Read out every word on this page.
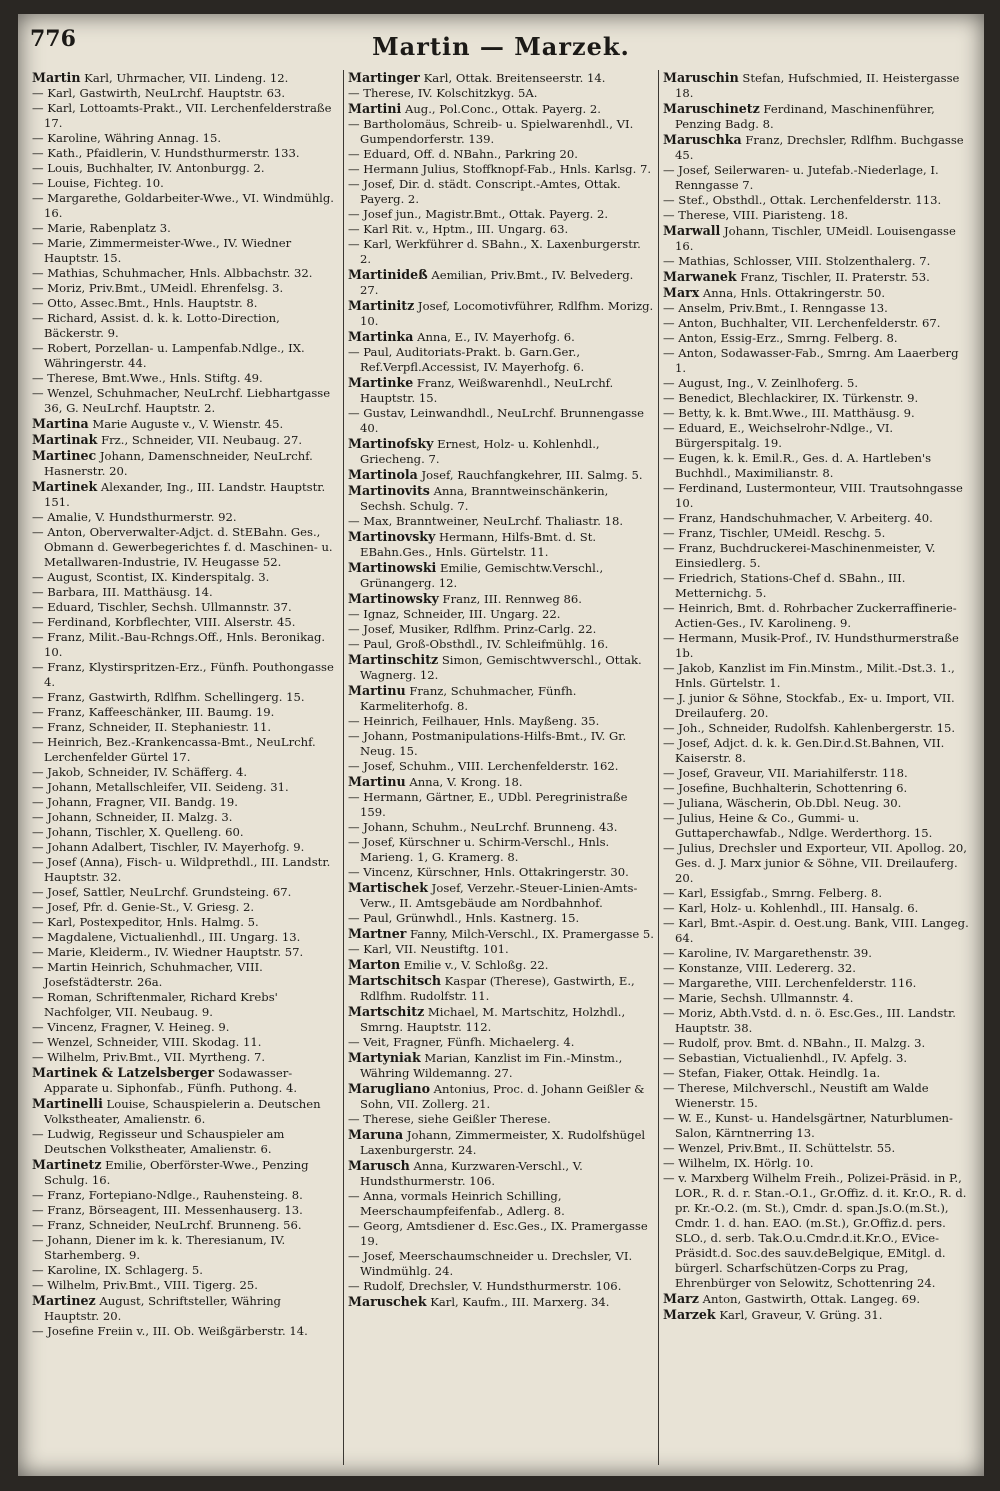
776	Martin — Marzek.

Martin Karl, Uhrmacher, VII. Lindeng. 12.

— Karl, Gastwirth, NeuLrchf. Hauptstr. 63.

— Karl, Lottoamts-Prakt., VII. Lerchenfelderstraße 17.

— Karoline, Währing Annag. 15.

— Kath., Pfaidlerin, V. Hundsthurmerstr. 133.

— Louis, Buchhalter, IV. Antonburgg. 2.

— Louise, Fichteg. 10.

— Margarethe, Goldarbeiter-Wwe., VI. Windmühlg. 16.

— Marie, Rabenplatz 3.

— Marie, Zimmermeister-Wwe., IV. Wiedner Hauptstr. 15.

— Mathias, Schuhmacher, Hnls. Albbachstr. 32.

— Moriz, Priv.Bmt., UMeidl. Ehrenfelsg. 3.

— Otto, Assec.Bmt., Hnls. Hauptstr. 8.

— Richard, Assist. d. k. k. Lotto-Direction, Bäckerstr. 9.

— Robert, Porzellan- u. Lampenfab.Ndlge., IX. Währingerstr. 44.

— Therese, Bmt.Wwe., Hnls. Stiftg. 49.

— Wenzel, Schuhmacher, NeuLrchf. Liebhartgasse 36, G. NeuLrchf. Hauptstr. 2.

Martina Marie Auguste v., V. Wienstr. 45.

Martinak Frz., Schneider, VII. Neubaug. 27.

Martinec Johann, Damenschneider, NeuLrchf. Hasnerstr. 20.

Martinek Alexander, Ing., III. Landstr. Hauptstr. 151.

— Amalie, V. Hundsthurmerstr. 92.

— Anton, Oberverwalter-Adjct. d. StEBahn. Ges., Obmann d. Gewerbegerichtes f. d. Maschinen- u. Metallwaren-Industrie, IV. Heugasse 52.

— August, Scontist, IX. Kinderspitalg. 3.

— Barbara, III. Matthäusg. 14.

— Eduard, Tischler, Sechsh. Ullmannstr. 37.

— Ferdinand, Korbflechter, VIII. Alserstr. 45.

— Franz, Milit.-Bau-Rchngs.Off., Hnls. Beronikag. 10.

— Franz, Klystirspritzen-Erz., Fünfh. Pouthongasse 4.

— Franz, Gastwirth, Rdlfhm. Schellingerg. 15.

— Franz, Kaffeeschänker, III. Baumg. 19.

— Franz, Schneider, II. Stephaniestr. 11.

— Heinrich, Bez.-Krankencassa-Bmt., NeuLrchf. Lerchenfelder Gürtel 17.

— Jakob, Schneider, IV. Schäfferg. 4.

— Johann, Metallschleifer, VII. Seideng. 31.

— Johann, Fragner, VII. Bandg. 19.

— Johann, Schneider, II. Malzg. 3.

— Johann, Tischler, X. Quelleng. 60.

— Johann Adalbert, Tischler, IV. Mayerhofg. 9.

— Josef (Anna), Fisch- u. Wildprethdl., III. Landstr. Hauptstr. 32.

— Josef, Sattler, NeuLrchf. Grundsteing. 67.

— Josef, Pfr. d. Genie-St., V. Griesg. 2.

— Karl, Postexpeditor, Hnls. Halmg. 5.

— Magdalene, Victualienhdl., III. Ungarg. 13.

— Marie, Kleiderm., IV. Wiedner Hauptstr. 57.

— Martin Heinrich, Schuhmacher, VIII. Josefstädterstr. 26a.

— Roman, Schriftenmaler, Richard Krebs' Nachfolger, VII. Neubaug. 9.

— Vincenz, Fragner, V. Heineg. 9.

— Wenzel, Schneider, VIII. Skodag. 11.

— Wilhelm, Priv.Bmt., VII. Myrtheng. 7.

Martinek & Latzelsberger Sodawasser-Apparate u. Siphonfab., Fünfh. Puthong. 4.

Martinelli Louise, Schauspielerin a. Deutschen Volkstheater, Amalienstr. 6.

— Ludwig, Regisseur und Schauspieler am Deutschen Volkstheater, Amalienstr. 6.

Martinetz Emilie, Oberförster-Wwe., Penzing Schulg. 16.

— Franz, Fortepiano-Ndlge., Rauhensteing. 8.

— Franz, Börseagent, III. Messenhauserg. 13.

— Franz, Schneider, NeuLrchf. Brunneng. 56.

— Johann, Diener im k. k. Theresianum, IV. Starhemberg. 9.

— Karoline, IX. Schlagerg. 5.

— Wilhelm, Priv.Bmt., VIII. Tigerg. 25.

Martinez August, Schriftsteller, Währing Hauptstr. 20.

— Josefine Freiin v., III. Ob. Weißgärberstr. 14.

Martinger Karl, Ottak. Breitenseerstr. 14.

— Therese, IV. Kolschitzkyg. 5A.

Martini Aug., Pol.Conc., Ottak. Payerg. 2.

— Bartholomäus, Schreib- u. Spielwarenhdl., VI. Gumpendorferstr. 139.

— Eduard, Off. d. NBahn., Parkring 20.

— Hermann Julius, Stoffknopf-Fab., Hnls. Karlsg. 7.

— Josef, Dir. d. städt. Conscript.-Amtes, Ottak. Payerg. 2.

— Josef jun., Magistr.Bmt., Ottak. Payerg. 2.

— Karl Rit. v., Hptm., III. Ungarg. 63.

— Karl, Werkführer d. SBahn., X. Laxenburgerstr. 2.

Martinideß Aemilian, Priv.Bmt., IV. Belvederg. 27.

Martinitz Josef, Locomotivführer, Rdlfhm. Morizg. 10.

Martinka Anna, E., IV. Mayerhofg. 6.

— Paul, Auditoriats-Prakt. b. Garn.Ger., Ref.Verpfl.Accessist, IV. Mayerhofg. 6.

Martinke Franz, Weißwarenhdl., NeuLrchf. Hauptstr. 15.

— Gustav, Leinwandhdl., NeuLrchf. Brunnengasse 40.

Martinofsky Ernest, Holz- u. Kohlenhdl., Griecheng. 7.

Martinola Josef, Rauchfangkehrer, III. Salmg. 5.

Martinovits Anna, Branntweinschänkerin, Sechsh. Schulg. 7.

— Max, Branntweiner, NeuLrchf. Thaliastr. 18.

Martinovsky Hermann, Hilfs-Bmt. d. St. EBahn.Ges., Hnls. Gürtelstr. 11.

Martinowski Emilie, Gemischtw.Verschl., Grünangerg. 12.

Martinowsky Franz, III. Rennweg 86.

— Ignaz, Schneider, III. Ungarg. 22.

— Josef, Musiker, Rdlfhm. Prinz-Carlg. 22.

— Paul, Groß-Obsthdl., IV. Schleifmühlg. 16.

Martinschitz Simon, Gemischtwverschl., Ottak. Wagnerg. 12.

Martinu Franz, Schuhmacher, Fünfh. Karmeliterhofg. 8.

— Heinrich, Feilhauer, Hnls. Mayßeng. 35.

— Johann, Postmanipulations-Hilfs-Bmt., IV. Gr. Neug. 15.

— Josef, Schuhm., VIII. Lerchenfelderstr. 162.

Martinu Anna, V. Krong. 18.

— Hermann, Gärtner, E., UDbl. Peregrinistraße 159.

— Johann, Schuhm., NeuLrchf. Brunneng. 43.

— Josef, Kürschner u. Schirm-Verschl., Hnls. Marieng. 1, G. Kramerg. 8.

— Vincenz, Kürschner, Hnls. Ottakringerstr. 30.

Martischek Josef, Verzehr.-Steuer-Linien-Amts-Verw., II. Amtsgebäude am Nordbahnhof.

— Paul, Grünwhdl., Hnls. Kastnerg. 15.

Martner Fanny, Milch-Verschl., IX. Pramergasse 5.

— Karl, VII. Neustiftg. 101.

Marton Emilie v., V. Schloßg. 22.

Martschitsch Kaspar (Therese), Gastwirth, E., Rdlfhm. Rudolfstr. 11.

Martschitz Michael, M. Martschitz, Holzhdl., Smrng. Hauptstr. 112.

— Veit, Fragner, Fünfh. Michaelerg. 4.

Martyniak Marian, Kanzlist im Fin.-Minstm., Währing Wildemanng. 27.

Marugliano Antonius, Proc. d. Johann Geißler & Sohn, VII. Zollerg. 21.

— Therese, siehe Geißler Therese.

Maruna Johann, Zimmermeister, X. Rudolfshügel Laxenburgerstr. 24.

Marusch Anna, Kurzwaren-Verschl., V. Hundsthurmerstr. 106.

— Anna, vormals Heinrich Schilling, Meerschaumpfeifenfab., Adlerg. 8.

— Georg, Amtsdiener d. Esc.Ges., IX. Pramergasse 19.

— Josef, Meerschaumschneider u. Drechsler, VI. Windmühlg. 24.

— Rudolf, Drechsler, V. Hundsthurmerstr. 106.

Maruschek Karl, Kaufm., III. Marxerg. 34.

Maruschin Stefan, Hufschmied, II. Heistergasse 18.

Maruschinetz Ferdinand, Maschinenführer, Penzing Badg. 8.

Maruschka Franz, Drechsler, Rdlfhm. Buchgasse 45.

— Josef, Seilerwaren- u. Jutefab.-Niederlage, I. Renngasse 7.

— Stef., Obsthdl., Ottak. Lerchenfelderstr. 113.

— Therese, VIII. Piaristeng. 18.

Marwall Johann, Tischler, UMeidl. Louisengasse 16.

— Mathias, Schlosser, VIII. Stolzenthalerg. 7.

Marwanek Franz, Tischler, II. Praterstr. 53.

Marx Anna, Hnls. Ottakringerstr. 50.

— Anselm, Priv.Bmt., I. Renngasse 13.

— Anton, Buchhalter, VII. Lerchenfelderstr. 67.

— Anton, Essig-Erz., Smrng. Felberg. 8.

— Anton, Sodawasser-Fab., Smrng. Am Laaerberg 1.

— August, Ing., V. Zeinlhoferg. 5.

— Benedict, Blechlackirer, IX. Türkenstr. 9.

— Betty, k. k. Bmt.Wwe., III. Matthäusg. 9.

— Eduard, E., Weichselrohr-Ndlge., VI. Bürgerspitalg. 19.

— Eugen, k. k. Emil.R., Ges. d. A. Hartleben's Buchhdl., Maximilianstr. 8.

— Ferdinand, Lustermonteur, VIII. Trautsohngasse 10.

— Franz, Handschuhmacher, V. Arbeiterg. 40.

— Franz, Tischler, UMeidl. Reschg. 5.

— Franz, Buchdruckerei-Maschinenmeister, V. Einsiedlerg. 5.

— Friedrich, Stations-Chef d. SBahn., III. Metternichg. 5.

— Heinrich, Bmt. d. Rohrbacher Zuckerraffinerie-Actien-Ges., IV. Karolineng. 9.

— Hermann, Musik-Prof., IV. Hundsthurmerstraße 1b.

— Jakob, Kanzlist im Fin.Minstm., Milit.-Dst.3. 1., Hnls. Gürtelstr. 1.

— J. junior & Söhne, Stockfab., Ex- u. Import, VII. Dreilauferg. 20.

— Joh., Schneider, Rudolfsh. Kahlenbergerstr. 15.

— Josef, Adjct. d. k. k. Gen.Dir.d.St.Bahnen, VII. Kaiserstr. 8.

— Josef, Graveur, VII. Mariahilferstr. 118.

— Josefine, Buchhalterin, Schottenring 6.

— Juliana, Wäscherin, Ob.Dbl. Neug. 30.

— Julius, Heine & Co., Gummi- u. Guttaperchawfab., Ndlge. Werderthorg. 15.

— Julius, Drechsler und Exporteur, VII. Apollog. 20, Ges. d. J. Marx junior & Söhne, VII. Dreilauferg. 20.

— Karl, Essigfab., Smrng. Felberg. 8.

— Karl, Holz- u. Kohlenhdl., III. Hansalg. 6.

— Karl, Bmt.-Aspir. d. Oest.ung. Bank, VIII. Langeg. 64.

— Karoline, IV. Margarethenstr. 39.

— Konstanze, VIII. Ledererg. 32.

— Margarethe, VIII. Lerchenfelderstr. 116.

— Marie, Sechsh. Ullmannstr. 4.

— Moriz, Abth.Vstd. d. n. ö. Esc.Ges., III. Landstr. Hauptstr. 38.

— Rudolf, prov. Bmt. d. NBahn., II. Malzg. 3.

— Sebastian, Victualienhdl., IV. Apfelg. 3.

— Stefan, Fiaker, Ottak. Heindlg. 1a.

— Therese, Milchverschl., Neustift am Walde Wienerstr. 15.

— W. E., Kunst- u. Handelsgärtner, Naturblumen-Salon, Kärntnerring 13.

— Wenzel, Priv.Bmt., II. Schüttelstr. 55.

— Wilhelm, IX. Hörlg. 10.

— v. Marxberg Wilhelm Freih., Polizei-Präsid. in P., LOR., R. d. r. Stan.-O.1., Gr.Offiz. d. it. Kr.O., R. d. pr. Kr.-O.2. (m. St.), Cmdr. d. span.Js.O.(m.St.), Cmdr. 1. d. han. EAO. (m.St.), Gr.Offiz.d. pers. SLO., d. serb. Tak.O.u.Cmdr.d.it.Kr.O., EVice-Präsidt.d. Soc.des sauv.deBelgique, EMitgl. d. bürgerl. Scharfschützen-Corps zu Prag, Ehrenbürger von Selowitz, Schottenring 24.

Marz Anton, Gastwirth, Ottak. Langeg. 69.

Marzek Karl, Graveur, V. Grüng. 31.
